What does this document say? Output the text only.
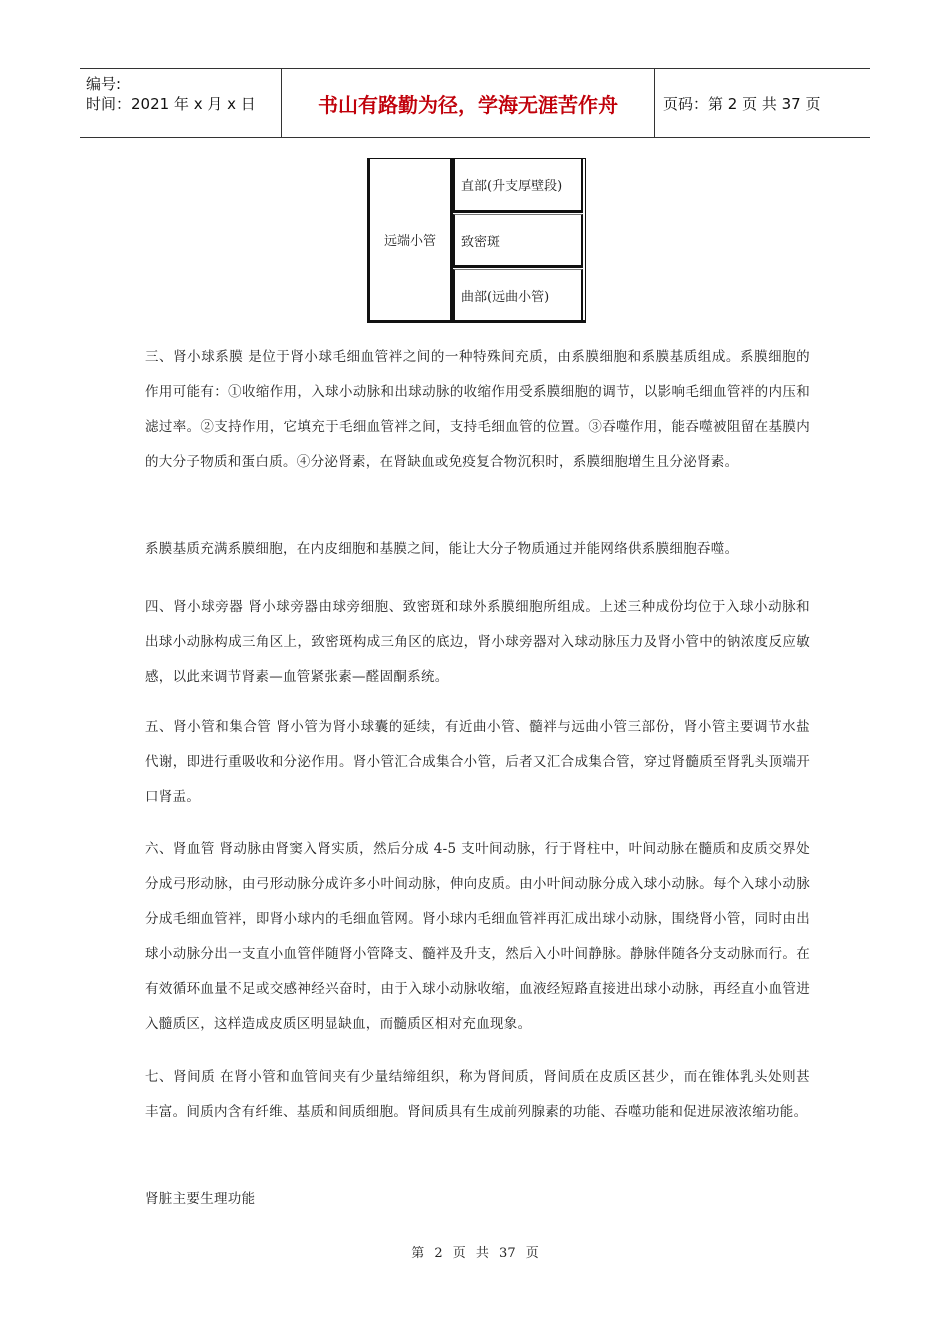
编号:
时间：2021 年 x 月 x 日	书山有路勤为径，学海无涯苦作舟	页码：第 2 页 共 37 页
远端小管
直部(升支厚壁段)
致密斑
曲部(远曲小管)
三、肾小球系膜 是位于肾小球毛细血管袢之间的一种特殊间充质，由系膜细胞和系膜基质组成。系膜细胞的作用可能有：①收缩作用，入球小动脉和出球动脉的收缩作用受系膜细胞的调节，以影响毛细血管袢的内压和滤过率。②支持作用，它填充于毛细血管袢之间，支持毛细血管的位置。③吞噬作用，能吞噬被阻留在基膜内的大分子物质和蛋白质。④分泌肾素，在肾缺血或免疫复合物沉积时，系膜细胞增生且分泌肾素。
系膜基质充满系膜细胞，在内皮细胞和基膜之间，能让大分子物质通过并能网络供系膜细胞吞噬。
四、肾小球旁器 肾小球旁器由球旁细胞、致密斑和球外系膜细胞所组成。上述三种成份均位于入球小动脉和出球小动脉构成三角区上，致密斑构成三角区的底边，肾小球旁器对入球动脉压力及肾小管中的钠浓度反应敏感，以此来调节肾素—血管紧张素—醛固酮系统。
五、肾小管和集合管 肾小管为肾小球囊的延续，有近曲小管、髓袢与远曲小管三部份，肾小管主要调节水盐代谢，即进行重吸收和分泌作用。肾小管汇合成集合小管，后者又汇合成集合管，穿过肾髓质至肾乳头顶端开口肾盂。
六、肾血管 肾动脉由肾窦入肾实质，然后分成 4-5 支叶间动脉，行于肾柱中，叶间动脉在髓质和皮质交界处分成弓形动脉，由弓形动脉分成许多小叶间动脉，伸向皮质。由小叶间动脉分成入球小动脉。每个入球小动脉分成毛细血管袢，即肾小球内的毛细血管网。肾小球内毛细血管袢再汇成出球小动脉，围绕肾小管，同时由出球小动脉分出一支直小血管伴随肾小管降支、髓袢及升支，然后入小叶间静脉。静脉伴随各分支动脉而行。在有效循环血量不足或交感神经兴奋时，由于入球小动脉收缩，血液经短路直接进出球小动脉，再经直小血管进入髓质区，这样造成皮质区明显缺血，而髓质区相对充血现象。
七、肾间质 在肾小管和血管间夹有少量结缔组织，称为肾间质，肾间质在皮质区甚少，而在锥体乳头处则甚丰富。间质内含有纤维、基质和间质细胞。肾间质具有生成前列腺素的功能、吞噬功能和促进尿液浓缩功能。
肾脏主要生理功能
第 2 页 共 37 页
